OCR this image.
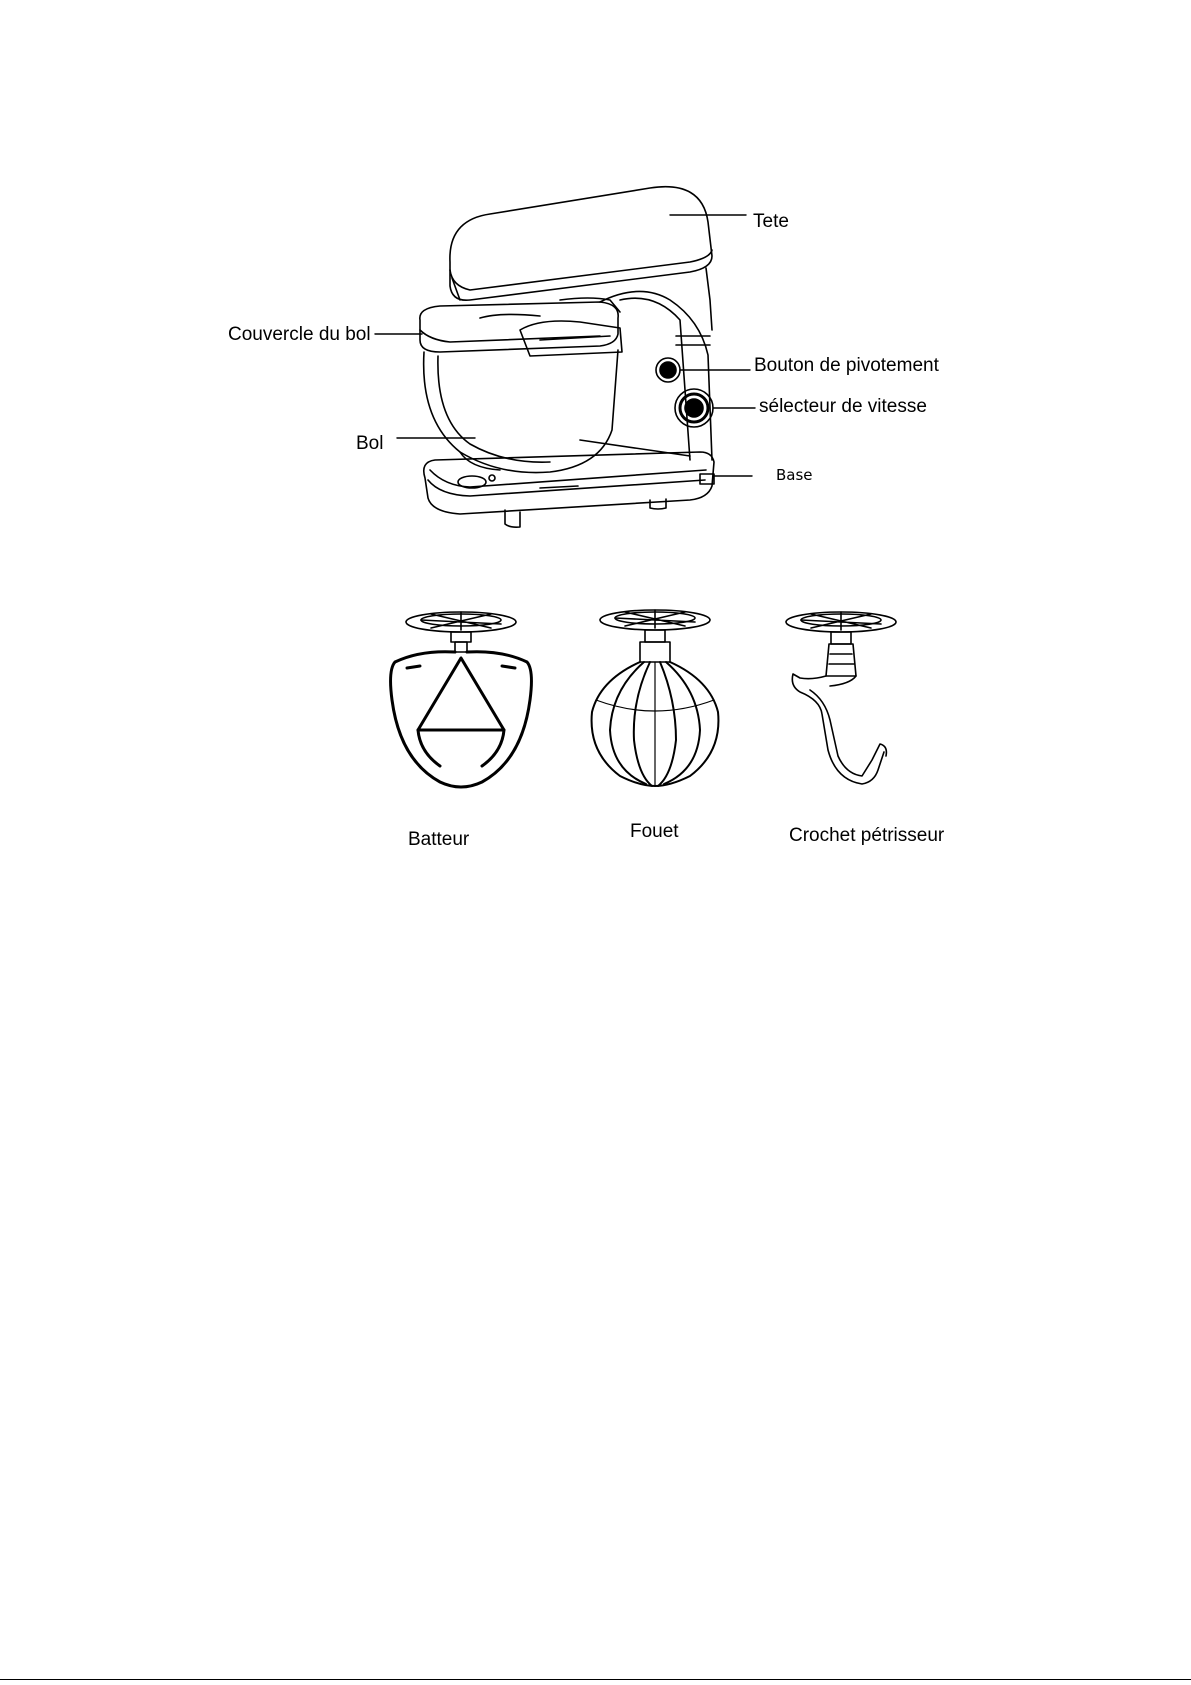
Tete
Couvercle du bol
Bol
Bouton de pivotement
sélecteur de vitesse
Base
Batteur	Fouet	Crochet pétrisseur
